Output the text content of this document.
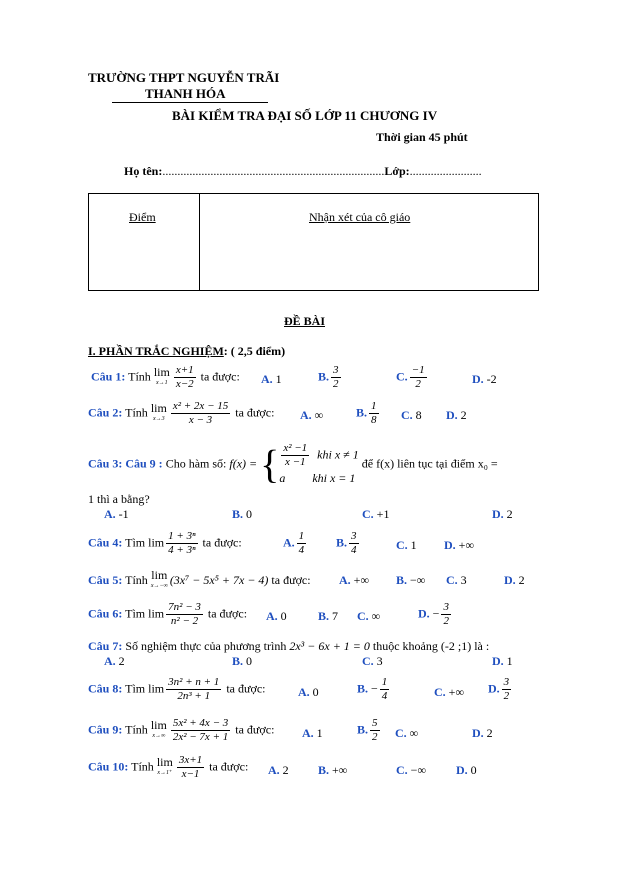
TRƯỜNG THPT NGUYỄN TRÃI
THANH HÓA
BÀI KIỂM TRA ĐẠI SỐ LỚP 11 CHƯƠNG IV
Thời gian 45 phút
Họ tên:..........................................................................Lớp:........................
Điểm	Nhận xét của cô giáo
ĐỀ BÀI
I. PHẦN TRẮC NGHIỆM: ( 2,5 điểm)
Câu 1: Tính lim
$x\to 1 \frac{x+1}{x-2}$ ta được: A. 1	B. $\frac{3}{2}$	C. $\frac{-1}{2}$	D. -2
Câu 2: Tính lim
$x\to 3 \frac{\text{x² + 2x − 15}}{x - 3}$ ta được: A. ∞	B. $\frac{1}{8} C$. 8 D. 2
Câu 3: Câu 9 : Cho hàm số: f(x) = { $\frac{\text{x² −1}}{x -1}$ khi x ≠ 1
a khi x = 1
để f(x) liên tục tại điểm x₀ =
1 thì a bằng?
A. -1	B. 0	C. +1	D. 2
Câu 4: Tìm $\lim \frac{\text{1 + 3ⁿ}}{\text{4 + 3ⁿ}}$ ta được:	A. $\frac{1}{4} B$. $\frac{3}{4}$	C. 1 D. +∞
Câu 5: Tính lim
x→−∞ (3x⁷ − 5x⁵ + 7x − 4) ta được: A. +∞ B. −∞ C. 3	D. 2
Câu 6: Tìm $\lim \frac{\text{7n² − 3}}{\text{n² − 2}}$ ta được: A. 0	B. 7 C. ∞	D. − $\frac{3}{2}$
Câu 7: Số nghiệm thực của phương trình 2x³ − 6x + 1 = 0 thuộc khoảng (-2 ;1) là :
A. 2	B. 0	C. 3	D. 1
Câu 8: Tìm $\lim \frac{\text{3n² + n + 1}}{\text{2n³ + 1}}$ ta được:	A. 0	B. − $\frac{1}{4}$	C. +∞ D. $\frac{3}{2}$
Câu 9: Tính lim
$x\to\infty \frac{\text{5x² + 4x − 3}}{\text{2x² − 7x + 1}}$ ta được: A. 1	B. $\frac{5}{2} C$. ∞	D. 2
Câu 10: Tính lim
$x\to 1^+ \frac{3x+1}{x-1}$ ta được: A. 2 B. +∞	C. −∞	D. 0
